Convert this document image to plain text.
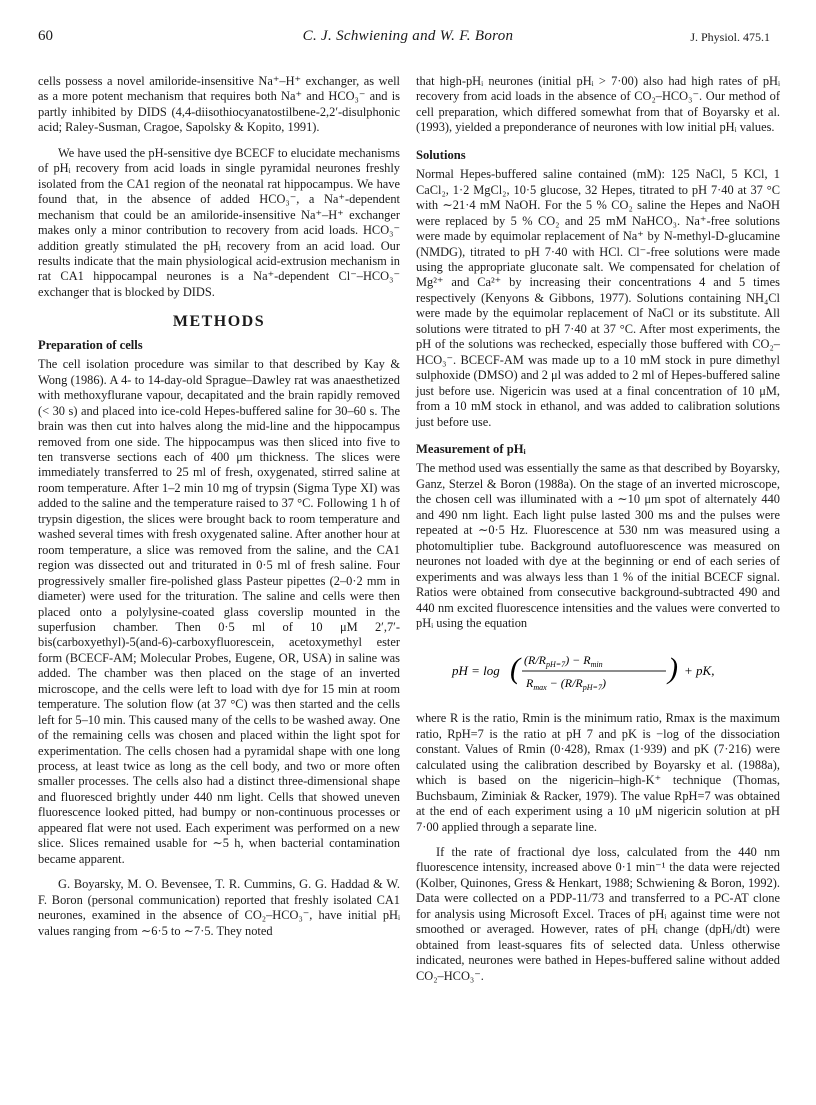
60	C. J. Schwiening and W. F. Boron	J. Physiol. 475.1

cells possess a novel amiloride-insensitive Na⁺–H⁺ exchanger, as well as a more potent mechanism that requires both Na⁺ and HCO₃⁻ and is partly inhibited by DIDS (4,4-diisothiocyanatostilbene-2,2′-disulphonic acid; Raley-Susman, Cragoe, Sapolsky & Kopito, 1991).

We have used the pH-sensitive dye BCECF to elucidate mechanisms of pHᵢ recovery from acid loads in single pyramidal neurones freshly isolated from the CA1 region of the neonatal rat hippocampus. We have found that, in the absence of added HCO₃⁻, a Na⁺-dependent mechanism that could be an amiloride-insensitive Na⁺–H⁺ exchanger makes only a minor contribution to recovery from acid loads. HCO₃⁻ addition greatly stimulated the pHᵢ recovery from an acid load. Our results indicate that the main physiological acid-extrusion mechanism in rat CA1 hippocampal neurones is a Na⁺-dependent Cl⁻–HCO₃⁻ exchanger that is blocked by DIDS.

METHODS
Preparation of cells

The cell isolation procedure was similar to that described by Kay & Wong (1986). A 4- to 14-day-old Sprague–Dawley rat was anaesthetized with methoxyflurane vapour, decapitated and the brain rapidly removed (< 30 s) and placed into ice-cold Hepes-buffered saline for 30–60 s. The brain was then cut into halves along the mid-line and the hippocampus removed from one side. The hippocampus was then sliced into five to ten transverse sections each of 400 μm thickness. The slices were immediately transferred to 25 ml of fresh, oxygenated, stirred saline at room temperature. After 1–2 min 10 mg of trypsin (Sigma Type XI) was added to the saline and the temperature raised to 37 °C. Following 1 h of trypsin digestion, the slices were brought back to room temperature and washed several times with fresh oxygenated saline. After another hour at room temperature, a slice was removed from the saline, and the CA1 region was dissected out and triturated in 0·5 ml of fresh saline. Four progressively smaller fire-polished glass Pasteur pipettes (2–0·2 mm in diameter) were used for the trituration. The saline and cells were then placed onto a polylysine-coated glass coverslip mounted in the superfusion chamber. Then 0·5 ml of 10 μM 2′,7′-bis(carboxyethyl)-5(and-6)-carboxyfluorescein, acetoxymethyl ester form (BCECF-AM; Molecular Probes, Eugene, OR, USA) in saline was added. The chamber was then placed on the stage of an inverted microscope, and the cells were left to load with dye for 15 min at room temperature. The solution flow (at 37 °C) was then started and the cells left for 5–10 min. This caused many of the cells to be washed away. One of the remaining cells was chosen and placed within the light spot for experimentation. The cells chosen had a pyramidal shape with one long process, at least twice as long as the cell body, and two or more often smaller processes. The cells also had a distinct three-dimensional shape and fluoresced brightly under 440 nm light. Cells that showed uneven fluorescence looked pitted, had bumpy or non-continuous processes or appeared flat were not used. Each experiment was performed on a new slice. Slices remained usable for ∼5 h, when bacterial contamination became apparent.

G. Boyarsky, M. O. Bevensee, T. R. Cummins, G. G. Haddad & W. F. Boron (personal communication) reported that freshly isolated CA1 neurones, examined in the absence of CO₂–HCO₃⁻, have initial pHᵢ values ranging from ∼6·5 to ∼7·5. They noted

that high-pHᵢ neurones (initial pHᵢ > 7·00) also had high rates of pHᵢ recovery from acid loads in the absence of CO₂–HCO₃⁻. Our method of cell preparation, which differed somewhat from that of Boyarsky et al. (1993), yielded a preponderance of neurones with low initial pHᵢ values.

Solutions

Normal Hepes-buffered saline contained (mM): 125 NaCl, 5 KCl, 1 CaCl₂, 1·2 MgCl₂, 10·5 glucose, 32 Hepes, titrated to pH 7·40 at 37 °C with ∼21·4 mM NaOH. For the 5 % CO₂ saline the Hepes and NaOH were replaced by 5 % CO₂ and 25 mM NaHCO₃. Na⁺-free solutions were made by equimolar replacement of Na⁺ by N-methyl-D-glucamine (NMDG), titrated to pH 7·40 with HCl. Cl⁻-free solutions were made using the appropriate gluconate salt. We compensated for chelation of Mg²⁺ and Ca²⁺ by increasing their concentrations 4 and 5 times respectively (Kenyons & Gibbons, 1977). Solutions containing NH₄Cl were made by the equimolar replacement of NaCl or its substitute. All solutions were titrated to pH 7·40 at 37 °C. After most experiments, the pH of the solutions was rechecked, especially those buffered with CO₂–HCO₃⁻. BCECF-AM was made up to a 10 mM stock in pure dimethyl sulphoxide (DMSO) and 2 μl was added to 2 ml of Hepes-buffered saline just before use. Nigericin was used at a final concentration of 10 μM, from a 10 mM stock in ethanol, and was added to calibration solutions just before use.

Measurement of pHᵢ

The method used was essentially the same as that described by Boyarsky, Ganz, Sterzel & Boron (1988a). On the stage of an inverted microscope, the chosen cell was illuminated with a ∼10 μm spot of alternately 440 and 490 nm light. Each light pulse lasted 300 ms and the pulses were repeated at ∼0·5 Hz. Fluorescence at 530 nm was measured using a photomultiplier tube. Background autofluorescence was measured on neurones not loaded with dye at the beginning or end of each series of experiments and was always less than 1 % of the initial BCECF signal. Ratios were obtained from consecutive background-subtracted 490 and 440 nm excited fluorescence intensities and the values were converted to pHᵢ using the equation

pH = log ( $(R/R_{pH=7}) - R_{min}$
$R_{max} - (R/R_{pH=7})$ ) + pK,

where R is the ratio, Rmin is the minimum ratio, Rmax is the maximum ratio, RpH=7 is the ratio at pH 7 and pK is −log of the dissociation constant. Values of Rmin (0·428), Rmax (1·939) and pK (7·216) were calculated using the calibration described by Boyarsky et al. (1988a), which is based on the nigericin–high-K⁺ technique (Thomas, Buchsbaum, Ziminiak & Racker, 1979). The value RpH=7 was obtained at the end of each experiment using a 10 μM nigericin solution at pH 7·00 applied through a separate line.

If the rate of fractional dye loss, calculated from the 440 nm fluorescence intensity, increased above 0·1 min⁻¹ the data were rejected (Kolber, Quinones, Gress & Henkart, 1988; Schwiening & Boron, 1992). Data were collected on a PDP-11/73 and transferred to a PC-AT clone for analysis using Microsoft Excel. Traces of pHᵢ against time were not smoothed or averaged. However, rates of pHᵢ change (dpHᵢ/dt) were obtained from least-squares fits of selected data. Unless otherwise indicated, neurones were bathed in Hepes-buffered saline without added CO₂–HCO₃⁻.
